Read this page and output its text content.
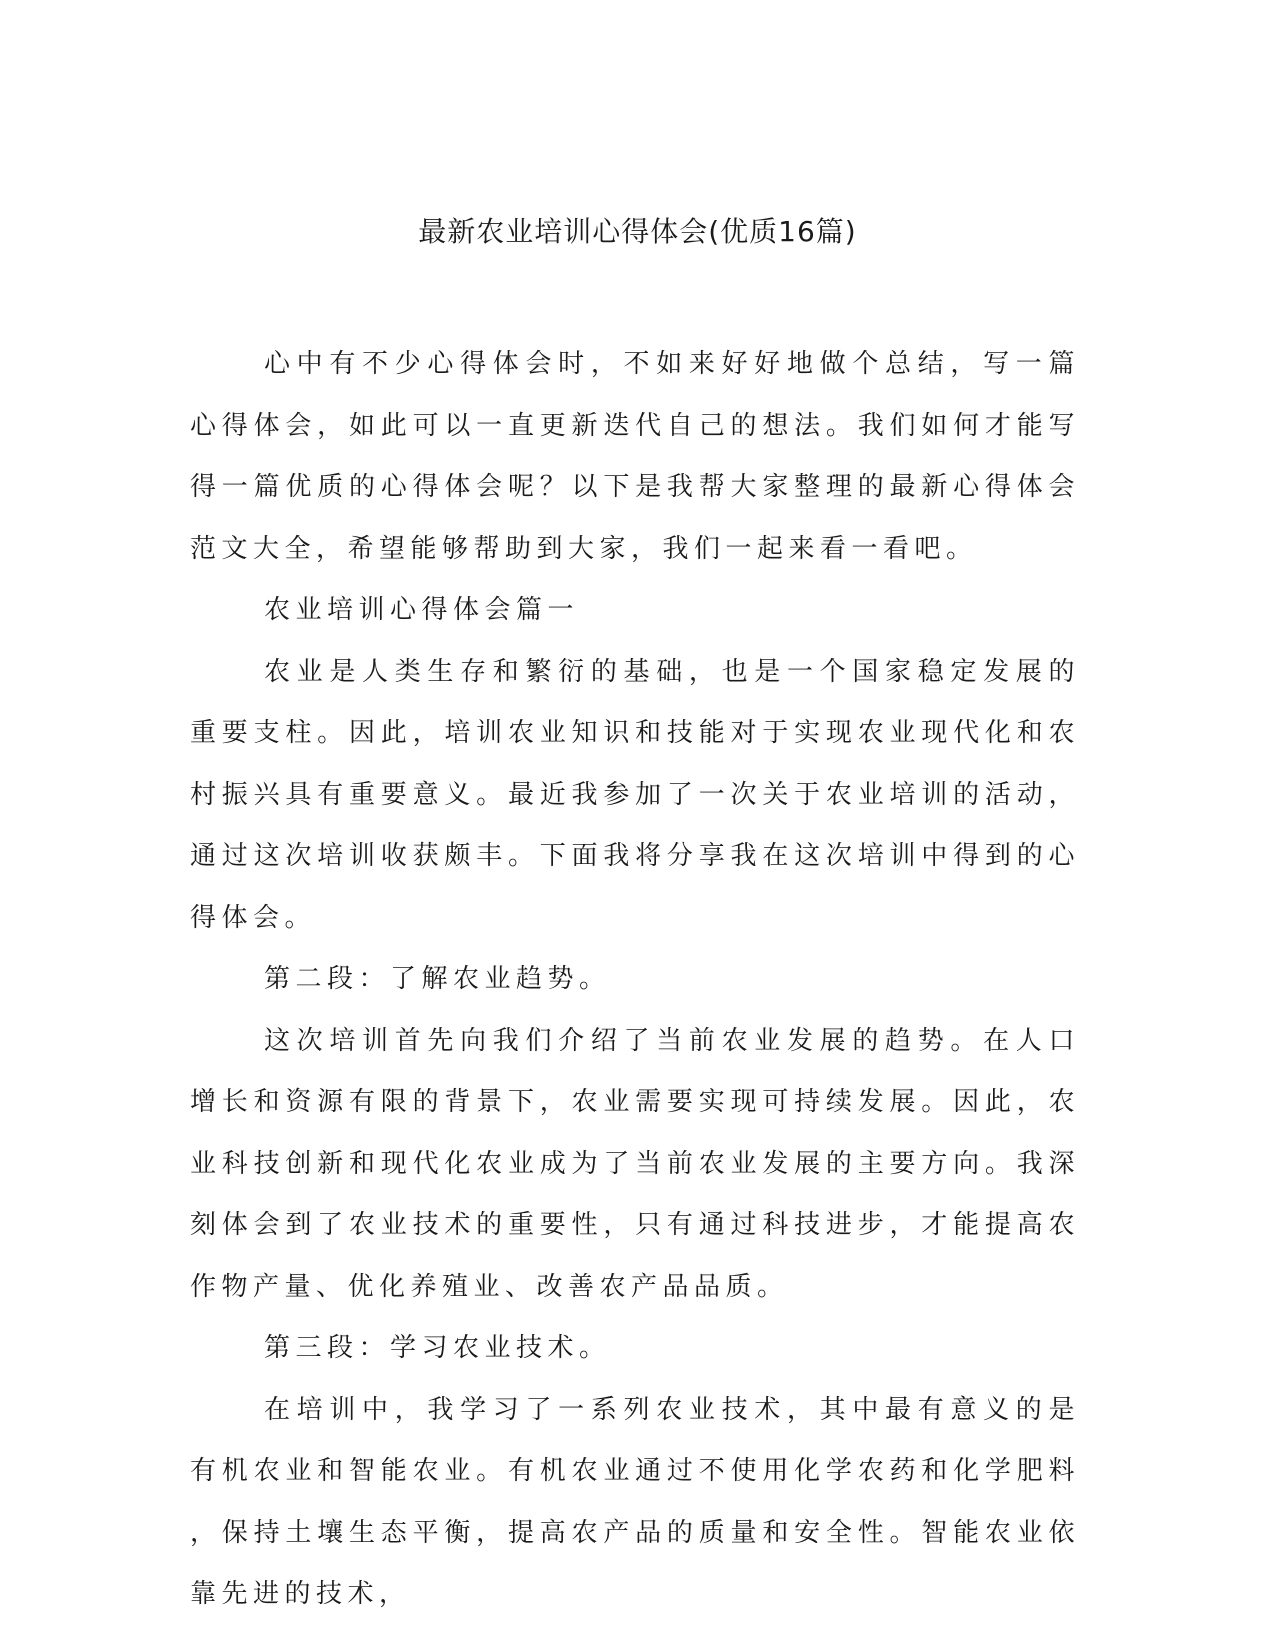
最新农业培训心得体会(优质16篇)

心中有不少心得体会时，不如来好好地做个总结，写一篇心得体会，如此可以一直更新迭代自己的想法。我们如何才能写得一篇优质的心得体会呢？以下是我帮大家整理的最新心得体会范文大全，希望能够帮助到大家，我们一起来看一看吧。

农业培训心得体会篇一

农业是人类生存和繁衍的基础，也是一个国家稳定发展的重要支柱。因此，培训农业知识和技能对于实现农业现代化和农村振兴具有重要意义。最近我参加了一次关于农业培训的活动，通过这次培训收获颇丰。下面我将分享我在这次培训中得到的心得体会。

第二段：了解农业趋势。

这次培训首先向我们介绍了当前农业发展的趋势。在人口增长和资源有限的背景下，农业需要实现可持续发展。因此，农业科技创新和现代化农业成为了当前农业发展的主要方向。我深刻体会到了农业技术的重要性，只有通过科技进步，才能提高农作物产量、优化养殖业、改善农产品品质。

第三段：学习农业技术。

在培训中，我学习了一系列农业技术，其中最有意义的是有机农业和智能农业。有机农业通过不使用化学农药和化学肥料，保持土壤生态平衡，提高农产品的质量和安全性。智能农业依靠先进的技术，
